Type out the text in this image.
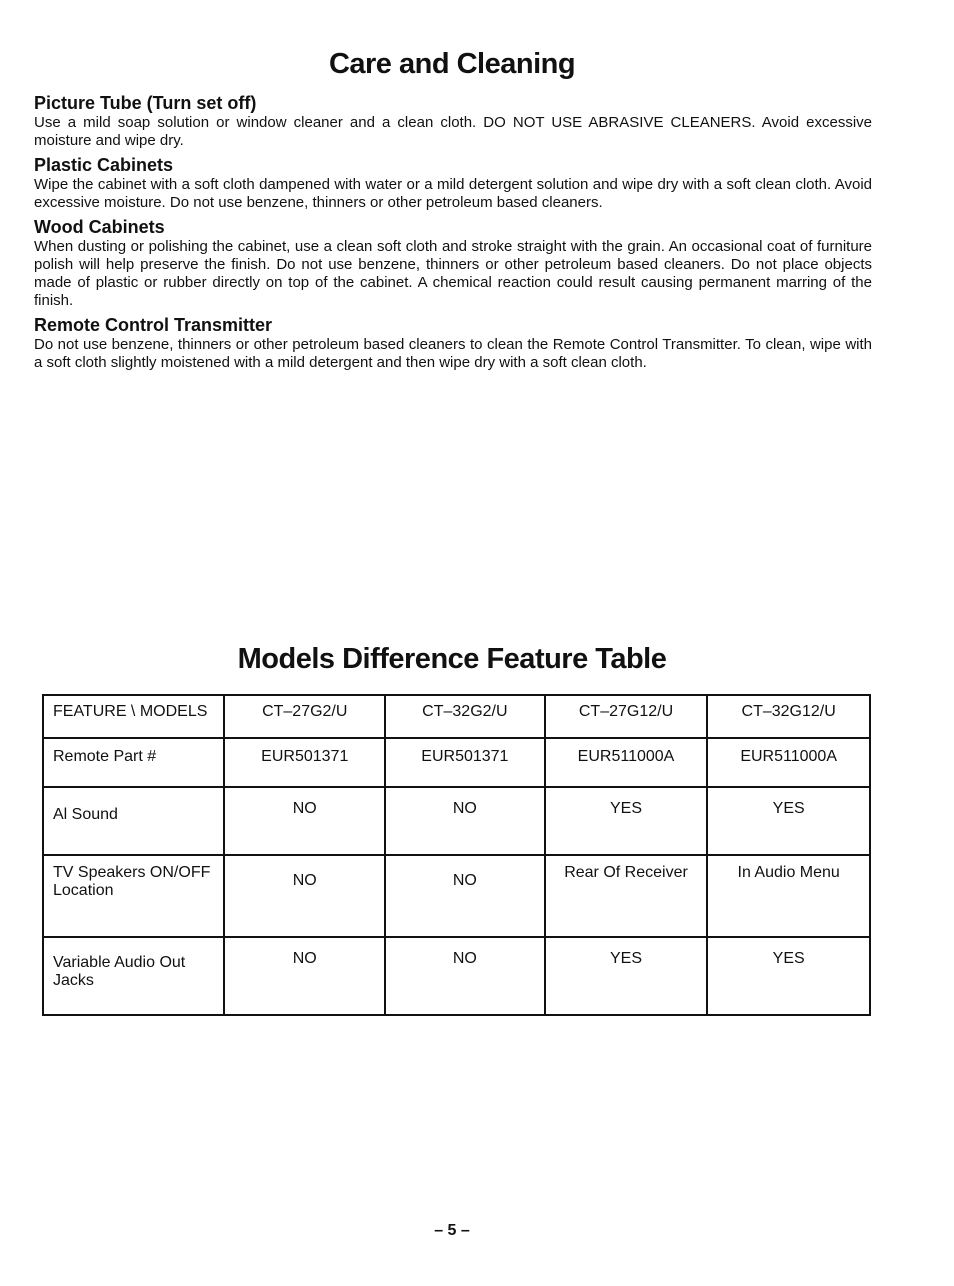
Care and Cleaning
Picture Tube (Turn set off)

Use a mild soap solution or window cleaner and a clean cloth. DO NOT USE ABRASIVE CLEANERS. Avoid excessive moisture and wipe dry.

Plastic Cabinets

Wipe the cabinet with a soft cloth dampened with water or a mild detergent solution and wipe dry with a soft clean cloth. Avoid excessive moisture. Do not use benzene, thinners or other petroleum based cleaners.

Wood Cabinets

When dusting or polishing the cabinet, use a clean soft cloth and stroke straight with the grain. An occasional coat of furniture polish will help preserve the finish. Do not use benzene, thinners or other petroleum based cleaners. Do not place objects made of plastic or rubber directly on top of the cabinet. A chemical reaction could result causing permanent marring of the finish.

Remote Control Transmitter

Do not use benzene, thinners or other petroleum based cleaners to clean the Remote Control Transmitter. To clean, wipe with a soft cloth slightly moistened with a mild detergent and then wipe dry with a soft clean cloth.

Models Difference Feature Table
FEATURE \ MODELS	CT–27G2/U	CT–32G2/U	CT–27G12/U	CT–32G12/U
Remote Part #	EUR501371	EUR501371	EUR511000A	EUR511000A
Al Sound	NO	NO	YES	YES
TV Speakers ON/OFF Location	NO	NO	Rear Of Receiver	In Audio Menu
Variable Audio Out Jacks	NO	NO	YES	YES
– 5 –
